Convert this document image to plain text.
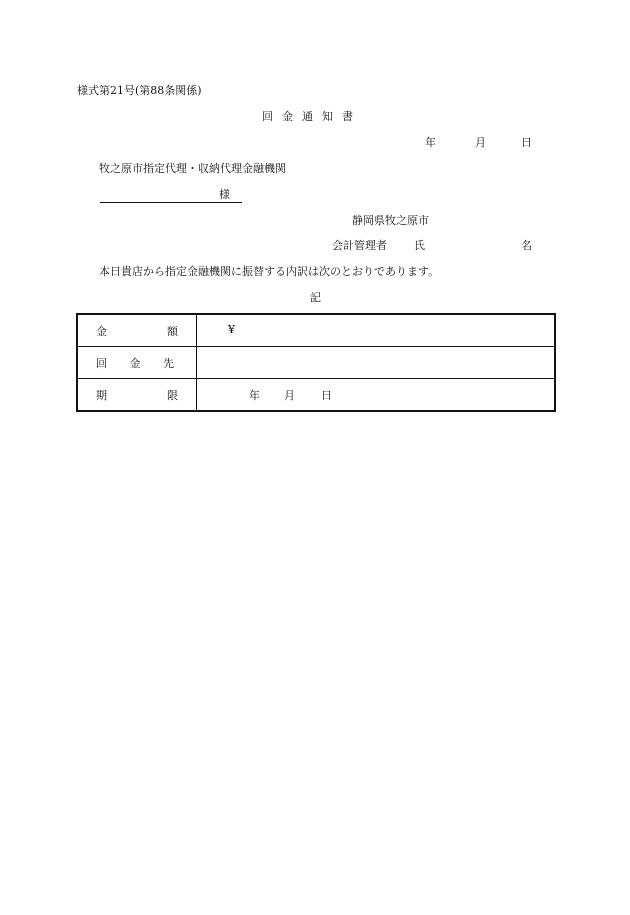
様式第21号(第88条関係)
回金通知書
年	月	日
牧之原市指定代理・収納代理金融機関
様
静岡県牧之原市
会計管理者 氏	名
本日貴店から指定金融機関に振替する内訳は次のとおりであります。
記
金 額	¥

回 金 先	

期 限	年 月 日
